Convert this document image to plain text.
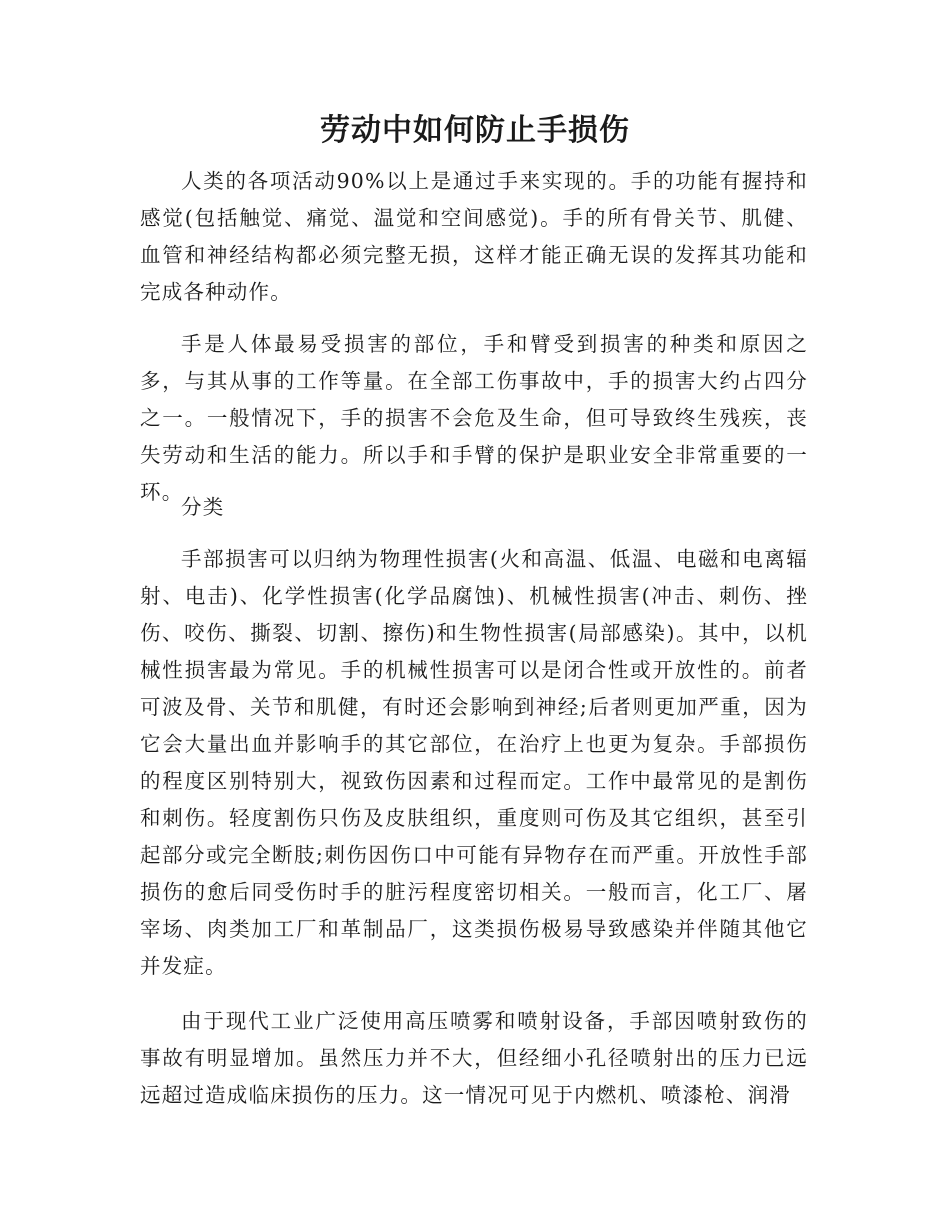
劳动中如何防止手损伤

人类的各项活动90%以上是通过手来实现的。手的功能有握持和感觉(包括触觉、痛觉、温觉和空间感觉)。手的所有骨关节、肌健、血管和神经结构都必须完整无损，这样才能正确无误的发挥其功能和完成各种动作。

手是人体最易受损害的部位，手和臂受到损害的种类和原因之多，与其从事的工作等量。在全部工伤事故中，手的损害大约占四分之一。一般情况下，手的损害不会危及生命，但可导致终生残疾，丧失劳动和生活的能力。所以手和手臂的保护是职业安全非常重要的一环。

分类

手部损害可以归纳为物理性损害(火和高温、低温、电磁和电离辐射、电击)、化学性损害(化学品腐蚀)、机械性损害(冲击、刺伤、挫伤、咬伤、撕裂、切割、擦伤)和生物性损害(局部感染)。其中，以机械性损害最为常见。手的机械性损害可以是闭合性或开放性的。前者可波及骨、关节和肌健，有时还会影响到神经;后者则更加严重，因为它会大量出血并影响手的其它部位，在治疗上也更为复杂。手部损伤的程度区别特别大，视致伤因素和过程而定。工作中最常见的是割伤和刺伤。轻度割伤只伤及皮肤组织，重度则可伤及其它组织，甚至引起部分或完全断肢;刺伤因伤口中可能有异物存在而严重。开放性手部损伤的愈后同受伤时手的脏污程度密切相关。一般而言，化工厂、屠宰场、肉类加工厂和革制品厂，这类损伤极易导致感染并伴随其他它并发症。

由于现代工业广泛使用高压喷雾和喷射设备，手部因喷射致伤的事故有明显增加。虽然压力并不大，但经细小孔径喷射出的压力已远远超过造成临床损伤的压力。这一情况可见于内燃机、喷漆枪、润滑
